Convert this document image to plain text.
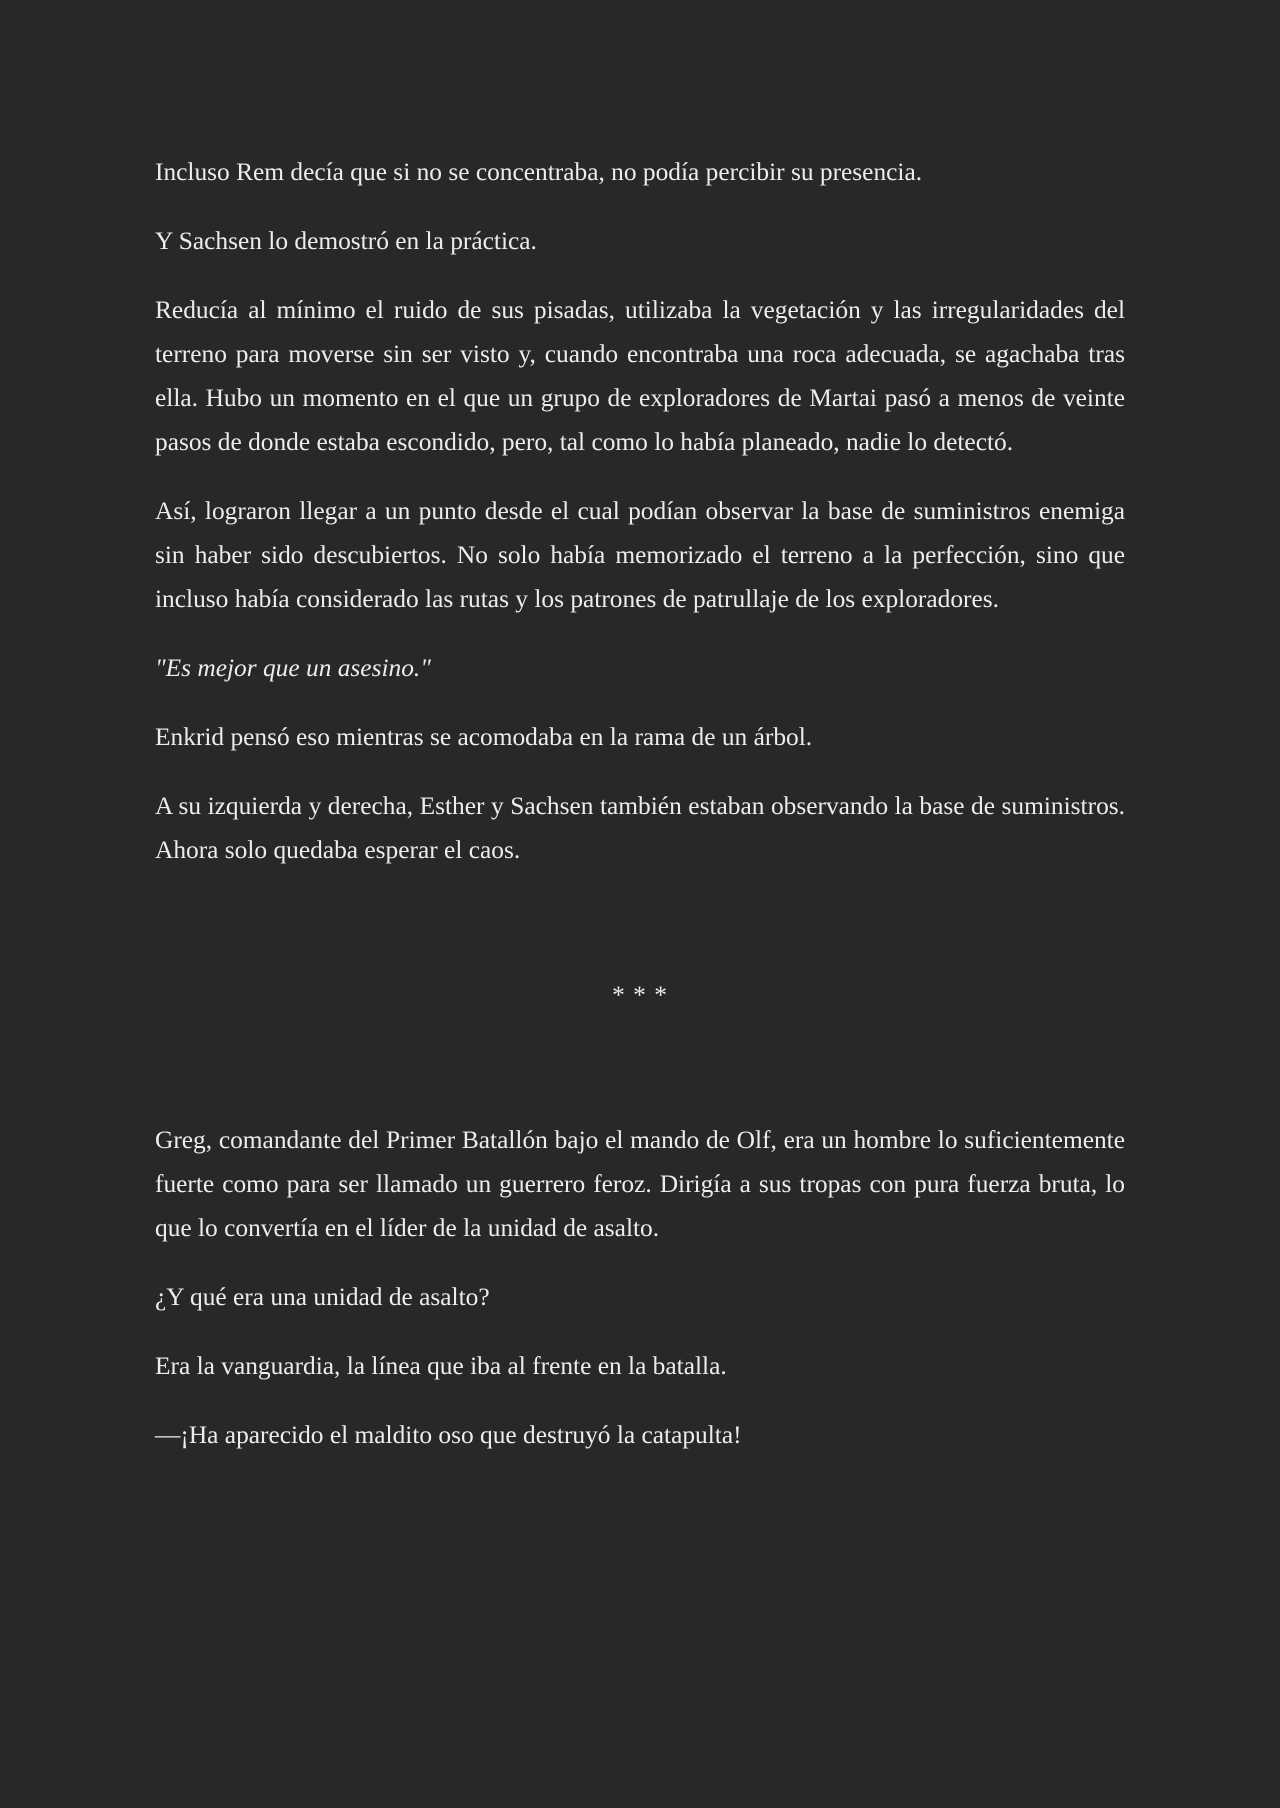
Incluso Rem decía que si no se concentraba, no podía percibir su presencia.

Y Sachsen lo demostró en la práctica.

Reducía al mínimo el ruido de sus pisadas, utilizaba la vegetación y las irregularidades del terreno para moverse sin ser visto y, cuando encontraba una roca adecuada, se agachaba tras ella. Hubo un momento en el que un grupo de exploradores de Martai pasó a menos de veinte pasos de donde estaba escondido, pero, tal como lo había planeado, nadie lo detectó.

Así, lograron llegar a un punto desde el cual podían observar la base de suministros enemiga sin haber sido descubiertos. No solo había memorizado el terreno a la perfección, sino que incluso había considerado las rutas y los patrones de patrullaje de los exploradores.

"Es mejor que un asesino."

Enkrid pensó eso mientras se acomodaba en la rama de un árbol.

A su izquierda y derecha, Esther y Sachsen también estaban observando la base de suministros. Ahora solo quedaba esperar el caos.

* * *

Greg, comandante del Primer Batallón bajo el mando de Olf, era un hombre lo suficientemente fuerte como para ser llamado un guerrero feroz. Dirigía a sus tropas con pura fuerza bruta, lo que lo convertía en el líder de la unidad de asalto.

¿Y qué era una unidad de asalto?

Era la vanguardia, la línea que iba al frente en la batalla.

—¡Ha aparecido el maldito oso que destruyó la catapulta!
